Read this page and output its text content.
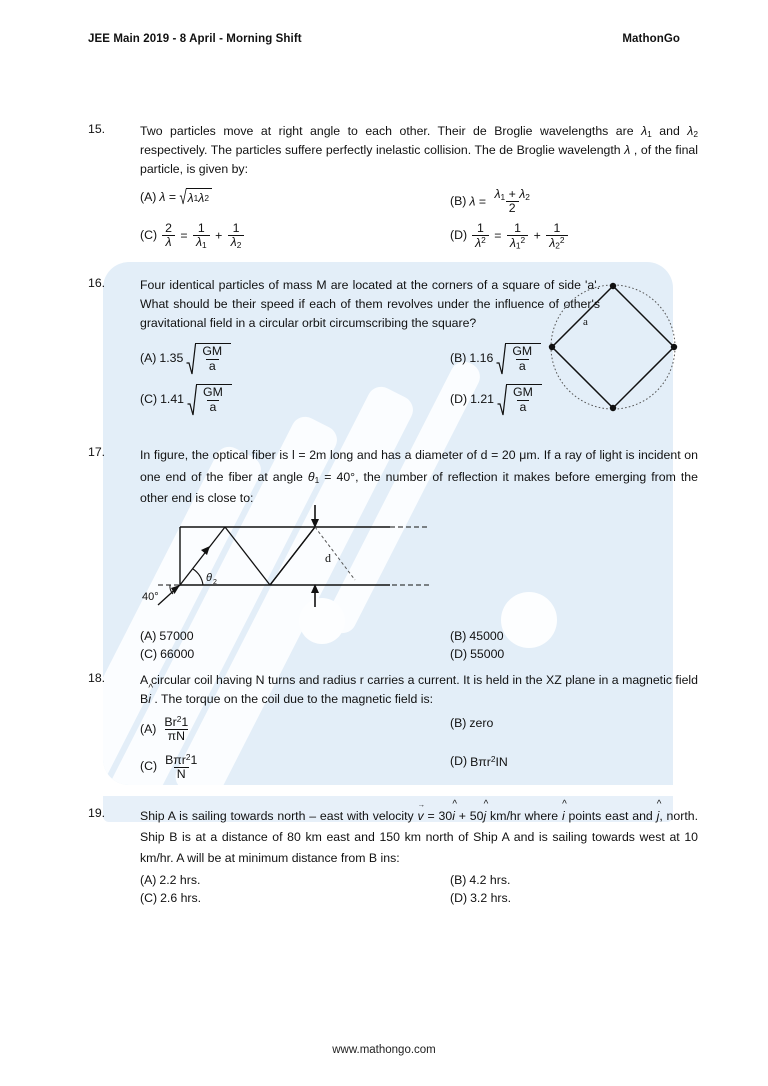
JEE Main 2019 - 8 April - Morning Shift	MathonGo
15.	Two particles move at right angle to each other. Their de Broglie wavelengths are $\lambda_1$ and $\lambda_2$ respectively. The particles suffere perfectly inelastic collision. The de Broglie wavelength λ , of the final particle, is given by:
(A) λ = √ λ 1 λ 2	(B) $\lambda = \frac{\lambda_1 + \lambda_2}{2}$
$(C) \frac{2}{\lambda} = \frac{1}{\lambda_1} + \frac{1}{\lambda_2}$	$(D) \frac{1}{\lambda^2} = \frac{1}{\lambda_1^2} + \frac{1}{\lambda_2^2}$
16.	Four identical particles of mass M are located at the corners of a square of side 'a'. What should be their speed if each of them revolves under the influence of other's gravitational field in a circular orbit circumscribing the square?
(A) $1.35 \frac{GM}{a}$	(B) $1.16 \frac{GM}{a}$
(C) $1.41 \frac{GM}{a}$	(D) $1.21 \frac{GM}{a}$
a
17.	In figure, the optical fiber is l = 2m long and has a diameter of d = 20 μm. If a ray of light is incident on one end of the fiber at angle $\theta_1 = 40^\circ$, the number of reflection it makes before emerging from the other end is close to:
θ 2
40°
d
(A) 57000	(B) 45000
(C) 66000	(D) 55000
18.	A circular coil having N turns and radius r carries a current. It is held in the XZ plane in a magnetic field Bi ^ . The torque on the coil due to the magnetic field is:
$(A) \frac{Br^21}{\pi N}$	(B) zero
$(C) \frac{B\pi r^21}{N}$	(D) Bπr$^2$IN
19.	Ship A is sailing towards north – east with velocity v → = 30i ^ + 50j ^ km/hr where i ^ points east and j ^, north. Ship B is at a distance of 80 km east and 150 km north of Ship A and is sailing towards west at 10 km/hr. A will be at minimum distance from B ins:
(A) 2.2 hrs.	(B) 4.2 hrs.
(C) 2.6 hrs.	(D) 3.2 hrs.
www.mathongo.com
